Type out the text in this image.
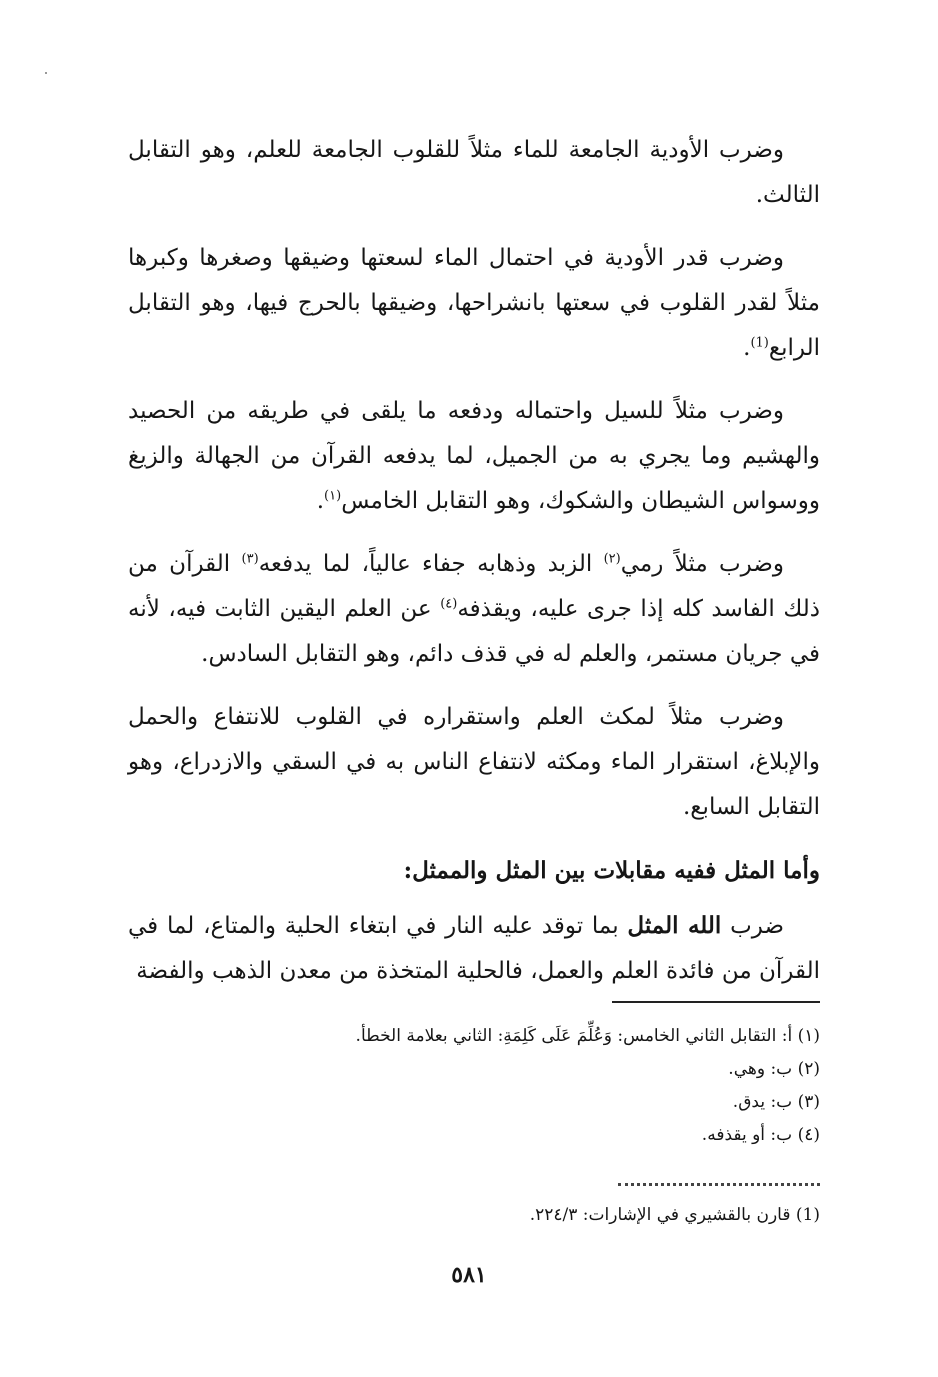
وضرب الأودية الجامعة للماء مثلاً للقلوب الجامعة للعلم، وهو التقابل الثالث.

وضرب قدر الأودية في احتمال الماء لسعتها وضيقها وصغرها وكبرها مثلاً لقدر القلوب في سعتها بانشراحها، وضيقها بالحرج فيها، وهو التقابل الرابع$^{(1)}$.

وضرب مثلاً للسيل واحتماله ودفعه ما يلقى في طريقه من الحصيد والهشيم وما يجري به من الجميل، لما يدفعه القرآن من الجهالة والزيغ ووسواس الشيطان والشكوك، وهو التقابل الخامس$^{(١)}$.

وضرب مثلاً رمي$^{(٢)}$ الزبد وذهابه جفاء عالياً، لما يدفعه$^{(٣)}$ القرآن من ذلك الفاسد كله إذا جرى عليه، ويقذفه$^{(٤)}$ عن العلم اليقين الثابت فيه، لأنه في جريان مستمر، والعلم له في قذف دائم، وهو التقابل السادس.

وضرب مثلاً لمكث العلم واستقراره في القلوب للانتفاع والحمل والإبلاغ، استقرار الماء ومكثه لانتفاع الناس به في السقي والازدراع، وهو التقابل السابع.

وأما المثل ففيه مقابلات بين المثل والممثل:

ضرب الله المثل بما توقد عليه النار في ابتغاء الحلية والمتاع، لما في القرآن من فائدة العلم والعمل، فالحلية المتخذة من معدن الذهب والفضة

(١) أ: التقابل الثاني الخامس: وَعُلِّمَ عَلَى كَلِمَةِ: الثاني بعلامة الخطأ.
(٢) ب: وهي.
(٣) ب: يدق.
(٤) ب: أو يقذفه.
(1) قارن بالقشيري في الإشارات: ٢٢٤/٣.
٥٨١
